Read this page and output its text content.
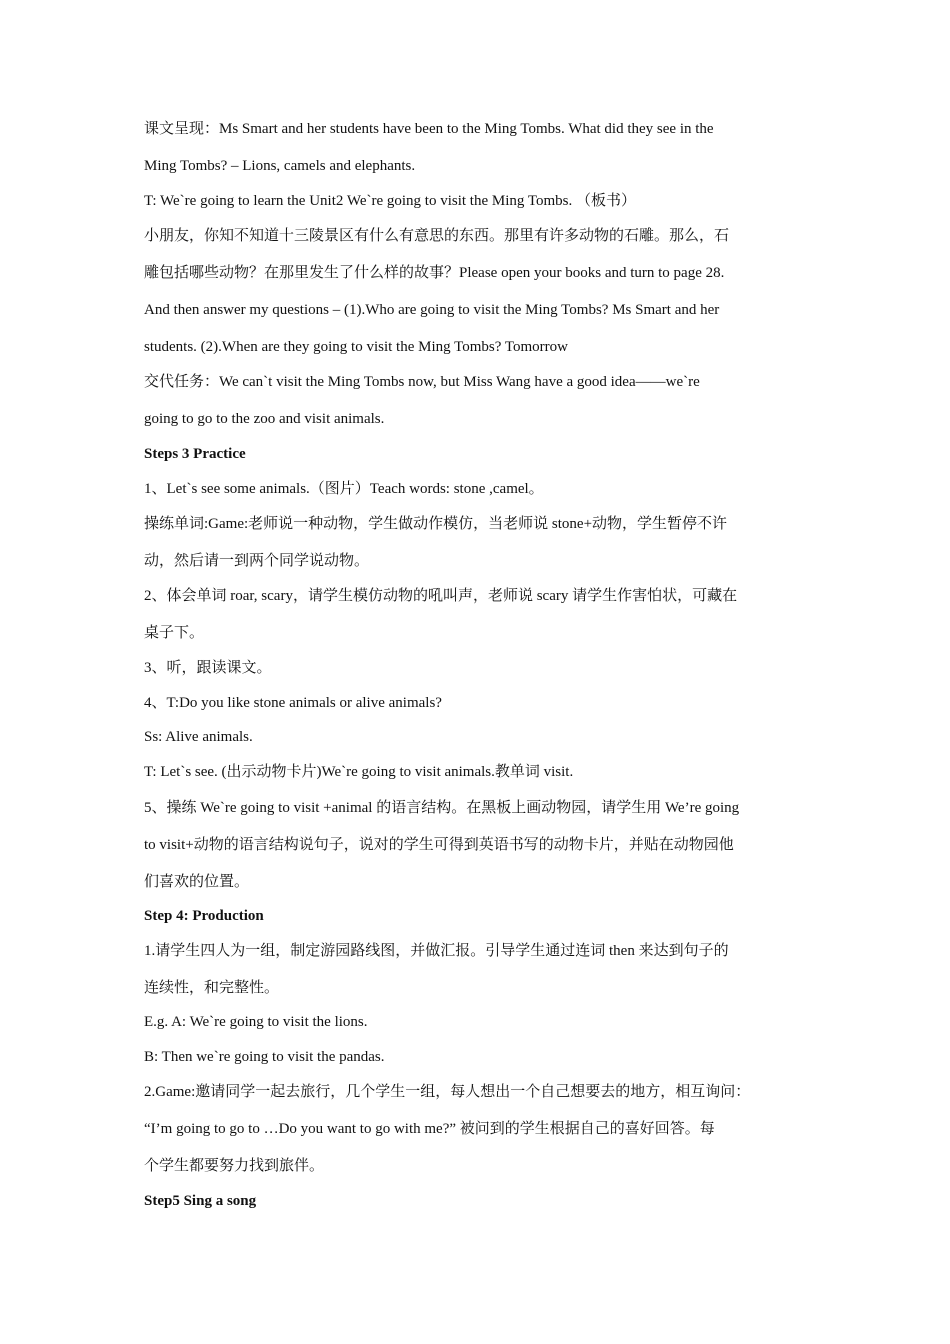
课文呈现：Ms Smart and her students have been to the Ming Tombs. What did they see in the
Ming Tombs? – Lions, camels and elephants.
T: We`re going to learn the Unit2 We`re going to visit the Ming Tombs. （板书）
小朋友，你知不知道十三陵景区有什么有意思的东西。那里有许多动物的石雕。那么，石
雕包括哪些动物？在那里发生了什么样的故事？Please open your books and turn to page 28.
And then answer my questions – (1).Who are going to visit the Ming Tombs? Ms Smart and her
students. (2).When are they going to visit the Ming Tombs? Tomorrow
交代任务：We can`t visit the Ming Tombs now, but Miss Wang have a good idea——we`re
going to go to the zoo and visit animals.
Steps 3 Practice
1、Let`s see some animals.（图片）Teach words: stone ,camel。
操练单词:Game:老师说一种动物，学生做动作模仿，当老师说 stone+动物，学生暂停不许
动，然后请一到两个同学说动物。
2、体会单词 roar, scary，请学生模仿动物的吼叫声，老师说 scary 请学生作害怕状，可藏在
桌子下。
3、听，跟读课文。
4、T:Do you like stone animals or alive animals?
Ss: Alive animals.
T: Let`s see. (出示动物卡片)We`re going to visit animals.教单词 visit.
5、操练 We`re going to visit +animal 的语言结构。在黑板上画动物园，请学生用 We’re going
to visit+动物的语言结构说句子，说对的学生可得到英语书写的动物卡片，并贴在动物园他
们喜欢的位置。
Step 4: Production
1.请学生四人为一组，制定游园路线图，并做汇报。引导学生通过连词 then 来达到句子的
连续性，和完整性。
E.g. A: We`re going to visit the lions.
B: Then we`re going to visit the pandas.
2.Game:邀请同学一起去旅行，几个学生一组，每人想出一个自己想要去的地方，相互询问：
“I’m going to go to …Do you want to go with me?” 被问到的学生根据自己的喜好回答。每
个学生都要努力找到旅伴。
Step5 Sing a song
